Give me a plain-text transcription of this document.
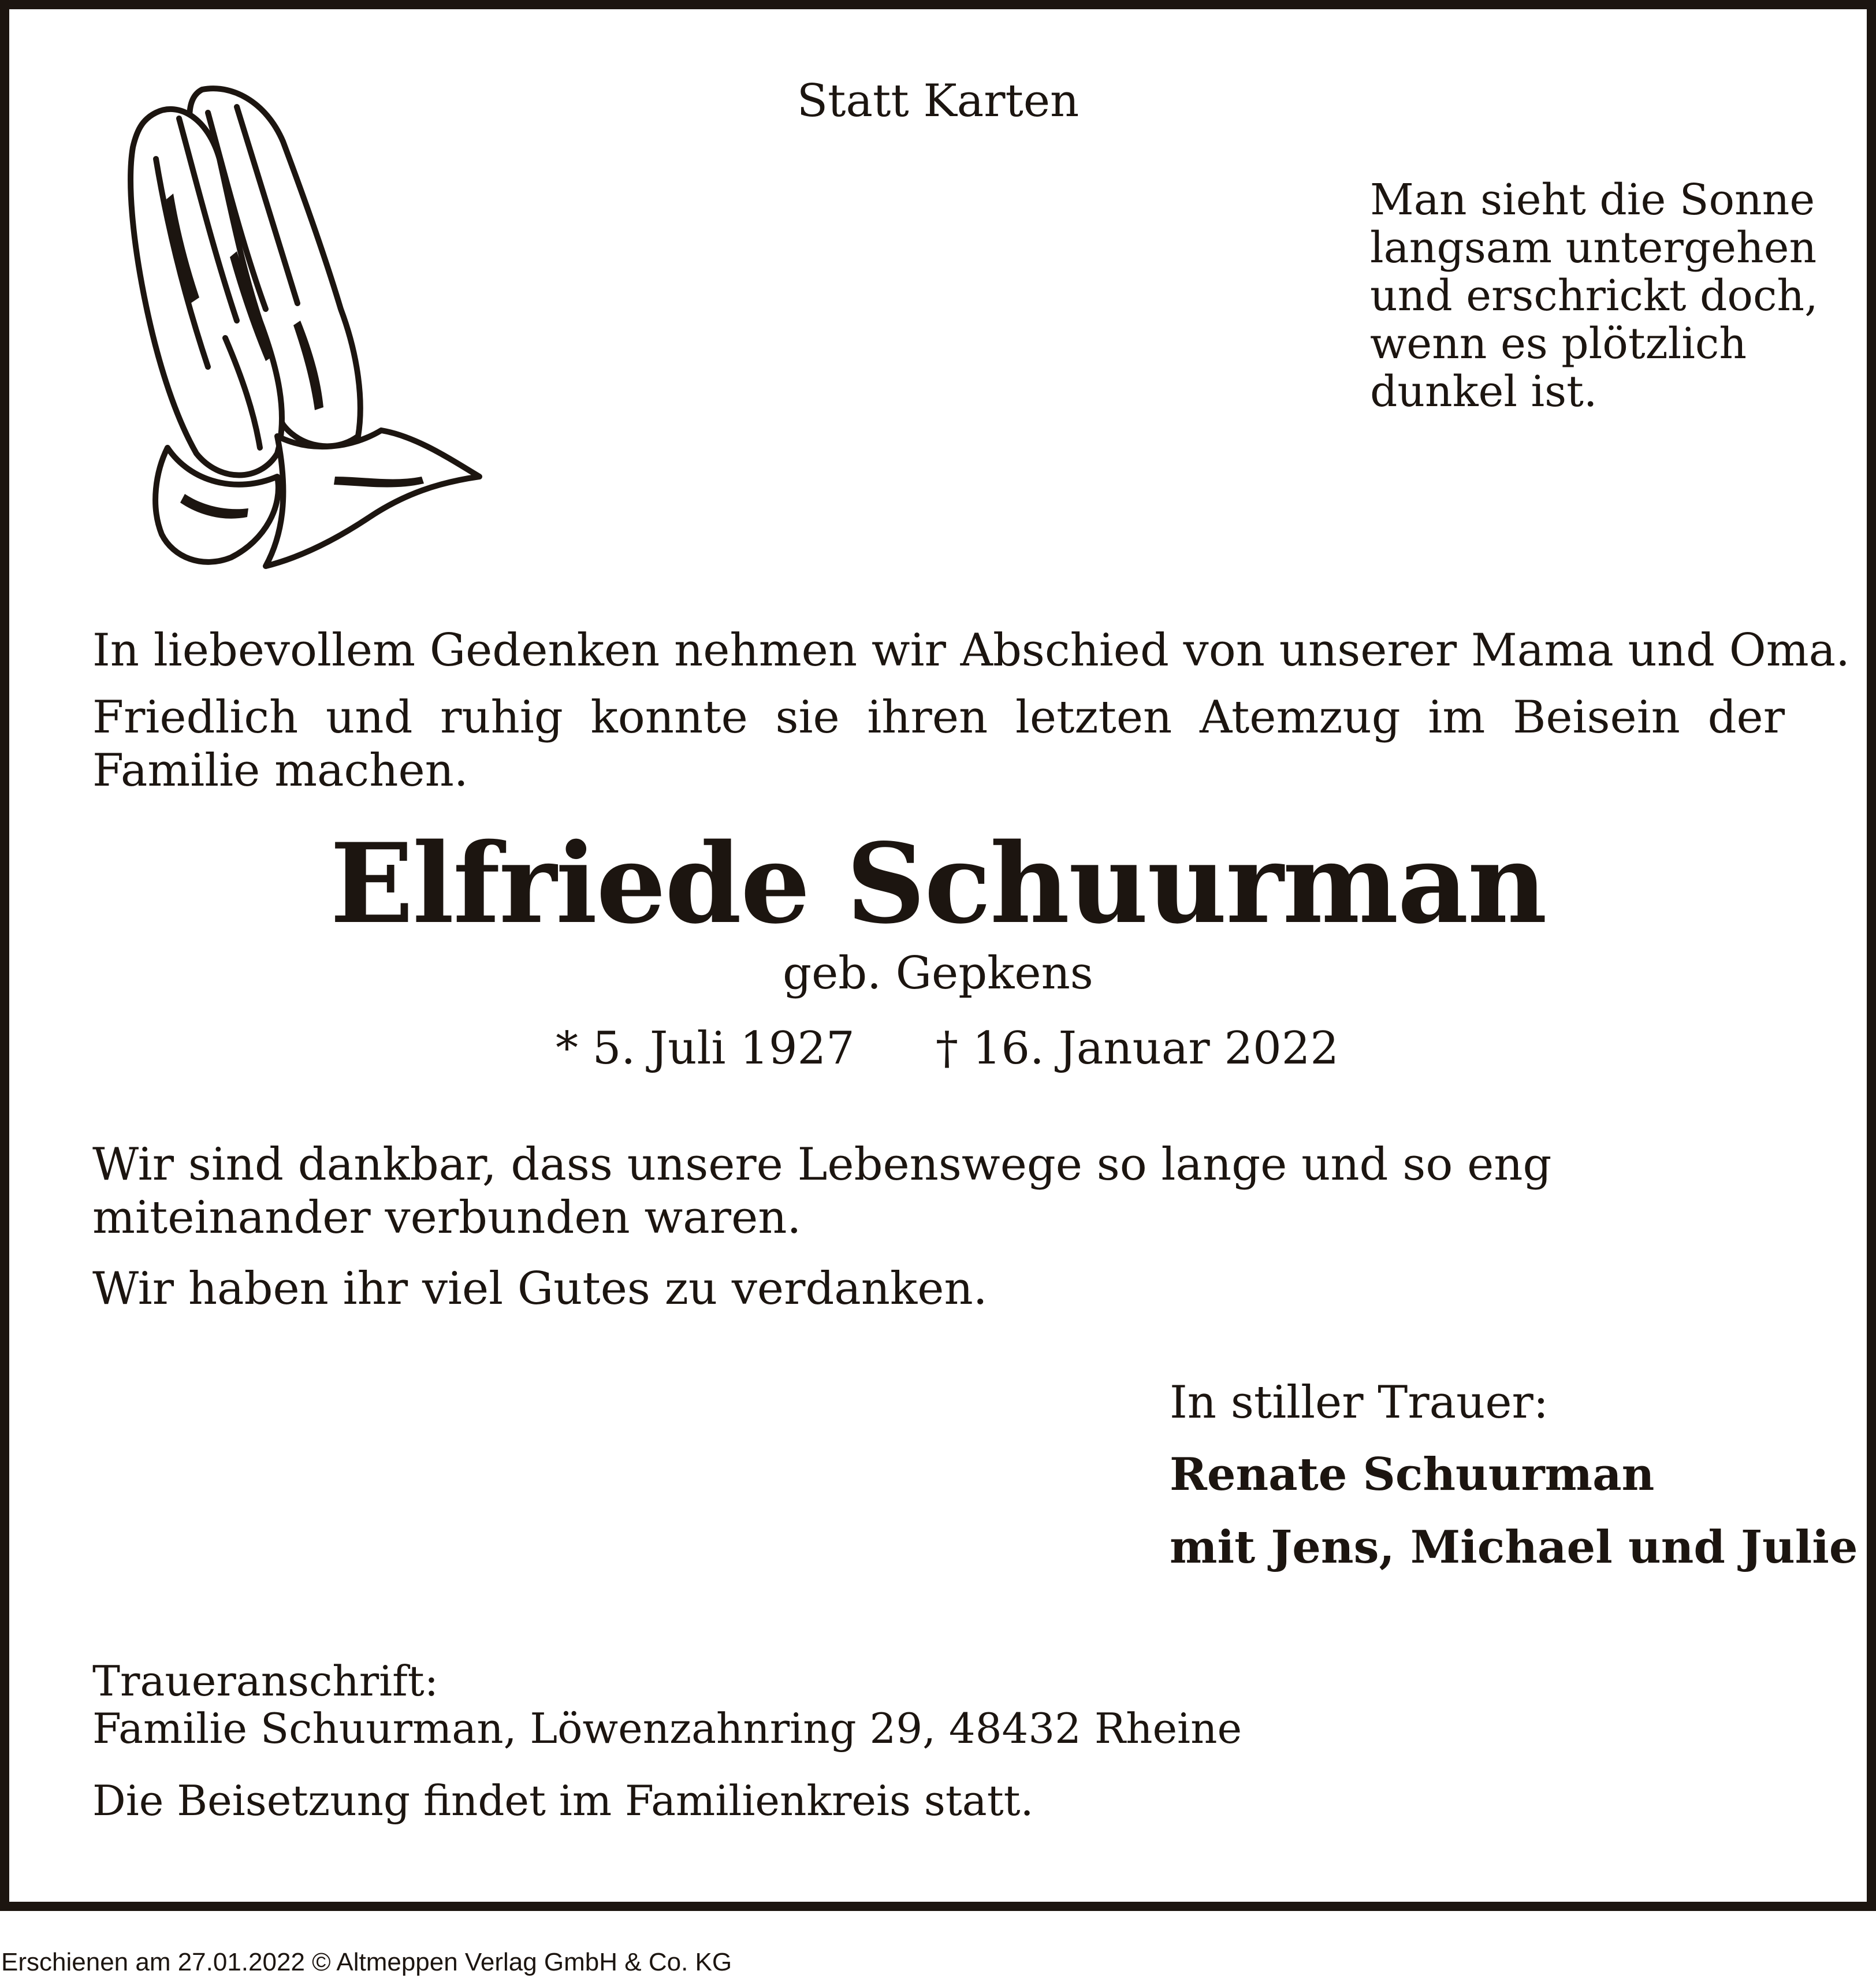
Statt Karten
Man sieht die Sonne
langsam untergehen
und erschrickt doch,
wenn es plötzlich
dunkel ist.
In liebevollem Gedenken nehmen wir Abschied von unserer Mama und Oma.
Friedlich und ruhig konnte sie ihren letzten Atemzug im Beisein der Familie machen.
Elfriede Schuurman
geb. Gepkens
* 5. Juli 1927 † 16. Januar 2022
Wir sind dankbar, dass unsere Lebenswege so lange und so eng miteinander verbunden waren.
Wir haben ihr viel Gutes zu verdanken.
In stiller Trauer:
Renate Schuurman
mit Jens, Michael und Julie
Traueranschrift:
Familie Schuurman, Löwenzahnring 29, 48432 Rheine
Die Beisetzung findet im Familienkreis statt.
Erschienen am 27.01.2022 © Altmeppen Verlag GmbH & Co. KG
